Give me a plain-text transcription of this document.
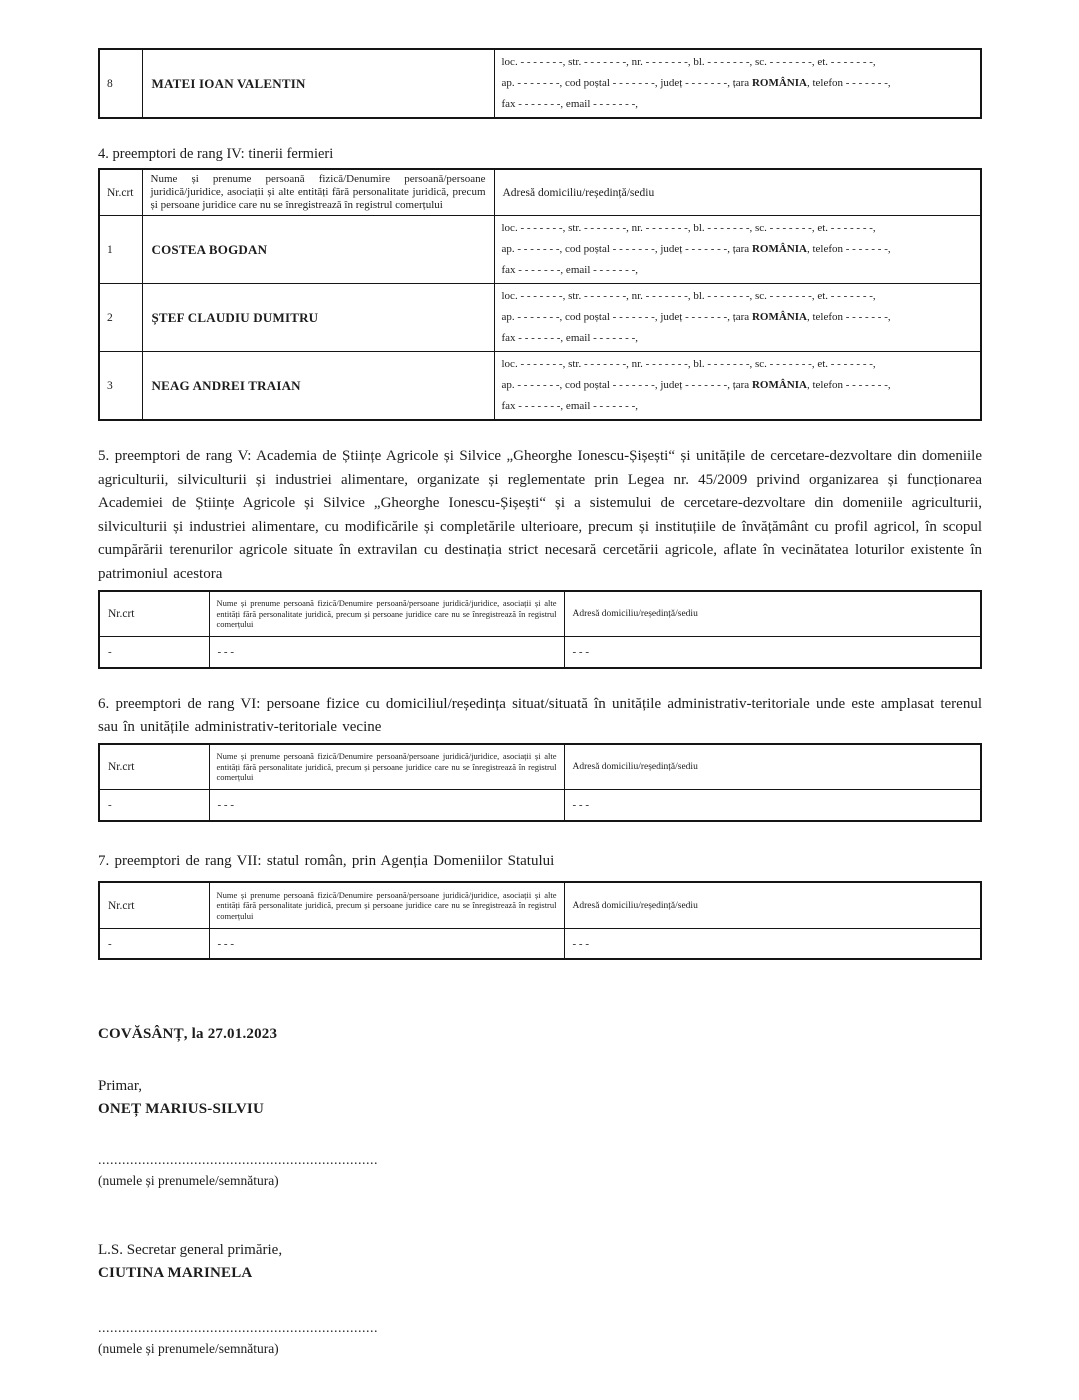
8	MATEI IOAN VALENTIN	
loc. - - - - - - -, str. - - - - - - -, nr. - - - - - - -, bl. - - - - - - -, sc. - - - - - - -, et. - - - - - - -,
ap. - - - - - - -, cod poștal - - - - - - -, județ - - - - - - -, țara ROMÂNIA, telefon - - - - - - -,
fax - - - - - - -, email - - - - - - -,

4. preemptori de rang IV: tinerii fermieri

Nr.crt	Nume și prenume persoană fizică/Denumire persoană/persoane juridică/juridice, asociații și alte entități fără personalitate juridică, precum și persoane juridice care nu se înregistrează în registrul comerțului	Adresă domiciliu/reședință/sediu
1	COSTEA BOGDAN	loc. - - - - - - -, str. - - - - - - -, nr. - - - - - - -, bl. - - - - - - -, sc. - - - - - - -, et. - - - - - - -,
ap. - - - - - - -, cod poștal - - - - - - -, județ - - - - - - -, țara ROMÂNIA, telefon - - - - - - -,
fax - - - - - - -, email - - - - - - -,

2	ȘTEF CLAUDIU DUMITRU	loc. - - - - - - -, str. - - - - - - -, nr. - - - - - - -, bl. - - - - - - -, sc. - - - - - - -, et. - - - - - - -,
ap. - - - - - - -, cod poștal - - - - - - -, județ - - - - - - -, țara ROMÂNIA, telefon - - - - - - -,
fax - - - - - - -, email - - - - - - -,

3	NEAG ANDREI TRAIAN	loc. - - - - - - -, str. - - - - - - -, nr. - - - - - - -, bl. - - - - - - -, sc. - - - - - - -, et. - - - - - - -,
ap. - - - - - - -, cod poștal - - - - - - -, județ - - - - - - -, țara ROMÂNIA, telefon - - - - - - -,
fax - - - - - - -, email - - - - - - -,

5. preemptori de rang V: Academia de Științe Agricole și Silvice „Gheorghe Ionescu-Șișești“ și unitățile de cercetare-dezvoltare din domeniile agriculturii, silviculturii și industriei alimentare, organizate și reglementate prin Legea nr. 45/2009 privind organizarea și funcționarea Academiei de Științe Agricole și Silvice „Gheorghe Ionescu-Șișești“ și a sistemului de cercetare-dezvoltare din domeniile agriculturii, silviculturii și industriei alimentare, cu modificările și completările ulterioare, precum și instituțiile de învățământ cu profil agricol, în scopul cumpărării terenurilor agricole situate în extravilan cu destinația strict necesară cercetării agricole, aflate în vecinătatea loturilor existente în patrimoniul acestora

Nr.crt	Nume și prenume persoană fizică/Denumire persoană/persoane juridică/juridice, asociații și alte entități fără personalitate juridică, precum și persoane juridice care nu se înregistrează în registrul comerțului	Adresă domiciliu/reședință/sediu
-	- - -	- - -

6. preemptori de rang VI: persoane fizice cu domiciliul/reședința situat/situată în unitățile administrativ-teritoriale unde este amplasat terenul sau în unitățile administrativ-teritoriale vecine

Nr.crt	Nume și prenume persoană fizică/Denumire persoană/persoane juridică/juridice, asociații și alte entități fără personalitate juridică, precum și persoane juridice care nu se înregistrează în registrul comerțului	Adresă domiciliu/reședință/sediu
-	- - -	- - -

7. preemptori de rang VII: statul român, prin Agenția Domeniilor Statului

Nr.crt	Nume și prenume persoană fizică/Denumire persoană/persoane juridică/juridice, asociații și alte entități fără personalitate juridică, precum și persoane juridice care nu se înregistrează în registrul comerțului	Adresă domiciliu/reședință/sediu
-	- - -	- - -

COVĂSÂNȚ, la 27.01.2023

Primar,

ONEȚ MARIUS-SILVIU

......................................................................

(numele și prenumele/semnătura)

L.S. Secretar general primărie,

CIUTINA MARINELA

......................................................................

(numele și prenumele/semnătura)
